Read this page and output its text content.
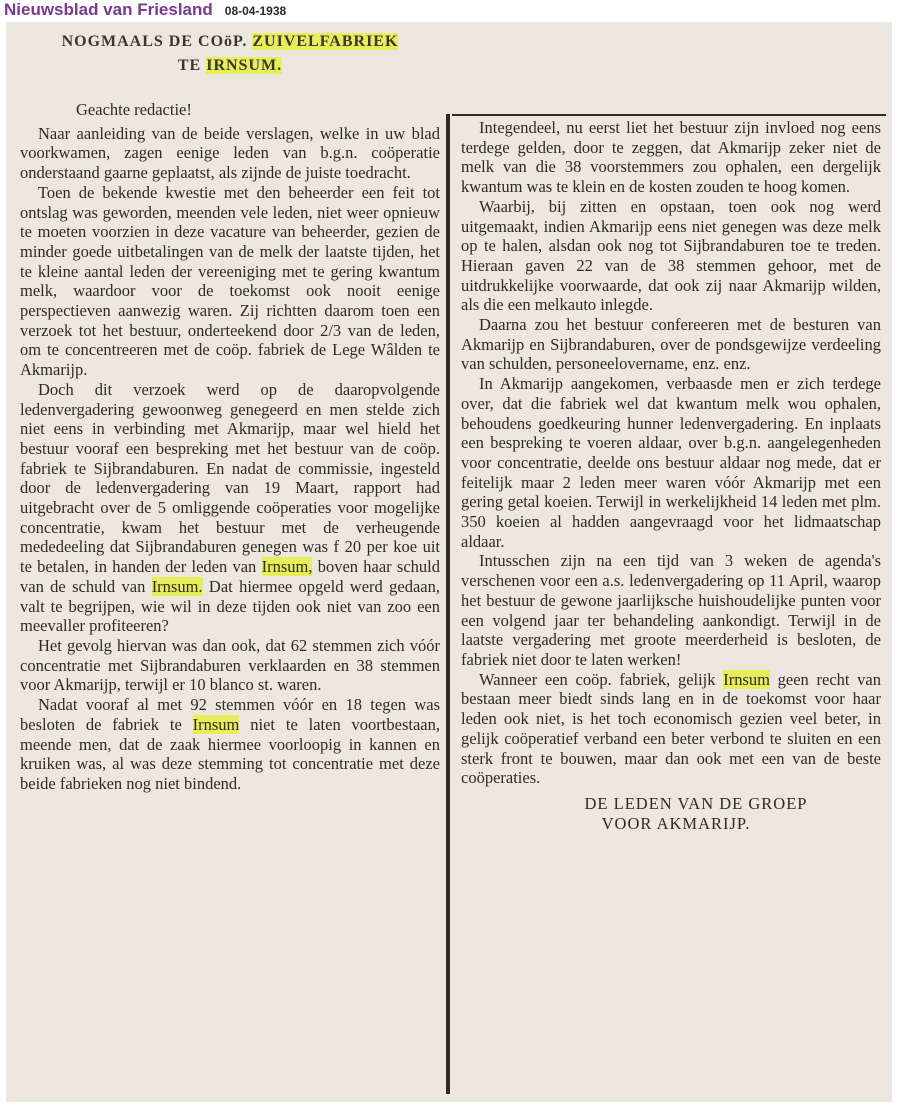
Nieuwsblad van Friesland 08-04-1938
NOGMAALS DE COöP. ZUIVELFABRIEK
TE IRNSUM.

Geachte redactie!

Naar aanleiding van de beide verslagen, welke in uw blad voorkwamen, zagen eenige leden van b.g.n. coöperatie onderstaand gaarne geplaatst, als zijnde de juiste toedracht.

Toen de bekende kwestie met den beheerder een feit tot ontslag was geworden, meenden vele leden, niet weer opnieuw te moeten voorzien in deze vacature van beheerder, gezien de minder goede uitbetalingen van de melk der laatste tijden, het te kleine aantal leden der vereeniging met te gering kwantum melk, waardoor voor de toekomst ook nooit eenige perspectieven aanwezig waren. Zij richtten daarom toen een verzoek tot het bestuur, onderteekend door 2/3 van de leden, om te concentreeren met de coöp. fabriek de Lege Wâlden te Akmarijp.

Doch dit verzoek werd op de daaropvolgende ledenvergadering gewoonweg genegeerd en men stelde zich niet eens in verbinding met Akmarijp, maar wel hield het bestuur vooraf een bespreking met het bestuur van de coöp. fabriek te Sijbrandaburen. En nadat de commissie, ingesteld door de ledenvergadering van 19 Maart, rapport had uitgebracht over de 5 omliggende coöperaties voor mogelijke concentratie, kwam het bestuur met de verheugende mededeeling dat Sijbrandaburen genegen was f 20 per koe uit te betalen, in handen der leden van Irnsum, boven haar schuld van de schuld van Irnsum. Dat hiermee opgeld werd gedaan, valt te begrijpen, wie wil in deze tijden ook niet van zoo een meevaller profiteeren?

Het gevolg hiervan was dan ook, dat 62 stemmen zich vóór concentratie met Sijbrandaburen verklaarden en 38 stemmen voor Akmarijp, terwijl er 10 blanco st. waren.

Nadat vooraf al met 92 stemmen vóór en 18 tegen was besloten de fabriek te Irnsum niet te laten voortbestaan, meende men, dat de zaak hiermee voorloopig in kannen en kruiken was, al was deze stemming tot concentratie met deze beide fabrieken nog niet bindend.

Integendeel, nu eerst liet het bestuur zijn invloed nog eens terdege gelden, door te zeggen, dat Akmarijp zeker niet de melk van die 38 voorstemmers zou ophalen, een dergelijk kwantum was te klein en de kosten zouden te hoog komen.

Waarbij, bij zitten en opstaan, toen ook nog werd uitgemaakt, indien Akmarijp eens niet genegen was deze melk op te halen, alsdan ook nog tot Sijbrandaburen toe te treden. Hieraan gaven 22 van de 38 stemmen gehoor, met de uitdrukkelijke voorwaarde, dat ook zij naar Akmarijp wilden, als die een melkauto inlegde.

Daarna zou het bestuur confereeren met de besturen van Akmarijp en Sijbrandaburen, over de pondsgewijze verdeeling van schulden, personeelovername, enz. enz.

In Akmarijp aangekomen, verbaasde men er zich terdege over, dat die fabriek wel dat kwantum melk wou ophalen, behoudens goedkeuring hunner ledenvergadering. En inplaats een bespreking te voeren aldaar, over b.g.n. aangelegenheden voor concentratie, deelde ons bestuur aldaar nog mede, dat er feitelijk maar 2 leden meer waren vóór Akmarijp met een gering getal koeien. Terwijl in werkelijkheid 14 leden met plm. 350 koeien al hadden aangevraagd voor het lidmaatschap aldaar.

Intusschen zijn na een tijd van 3 weken de agenda's verschenen voor een a.s. ledenvergadering op 11 April, waarop het bestuur de gewone jaarlijksche huishoudelijke punten voor een volgend jaar ter behandeling aankondigt. Terwijl in de laatste vergadering met groote meerderheid is besloten, de fabriek niet door te laten werken!

Wanneer een coöp. fabriek, gelijk Irnsum geen recht van bestaan meer biedt sinds lang en in de toekomst voor haar leden ook niet, is het toch economisch gezien veel beter, in gelijk coöperatief verband een beter verbond te sluiten en een sterk front te bouwen, maar dan ook met een van de beste coöperaties.

DE LEDEN VAN DE GROEP
VOOR AKMARIJP.
